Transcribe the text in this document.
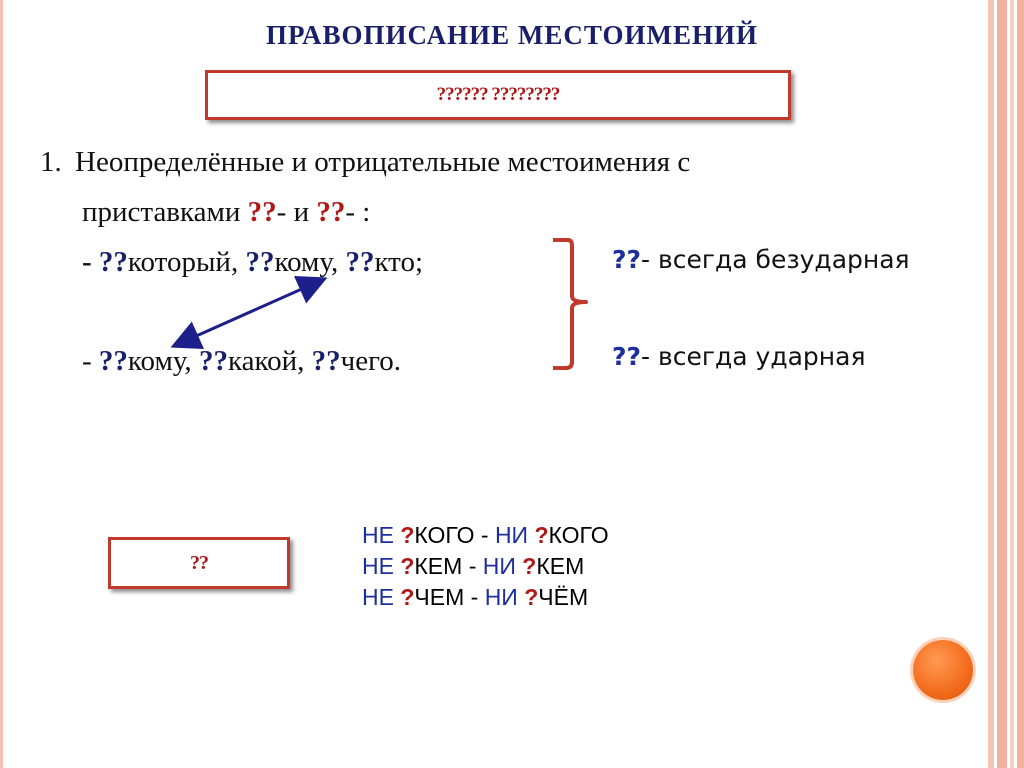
ПРАВОПИСАНИЕ МЕСТОИМЕНИЙ
?????? ????????
1. Неопределённые и отрицательные местоимения с
приставками ??- и ??- :
- ??который, ??кому, ??кто;
- ??кому, ??какой, ??чего.
??- всегда безударная
??- всегда ударная
??
НЕ ?КОГО - НИ ?КОГО
НЕ ?КЕМ - НИ ?КЕМ
НЕ ?ЧЕМ - НИ ?ЧЁМ
